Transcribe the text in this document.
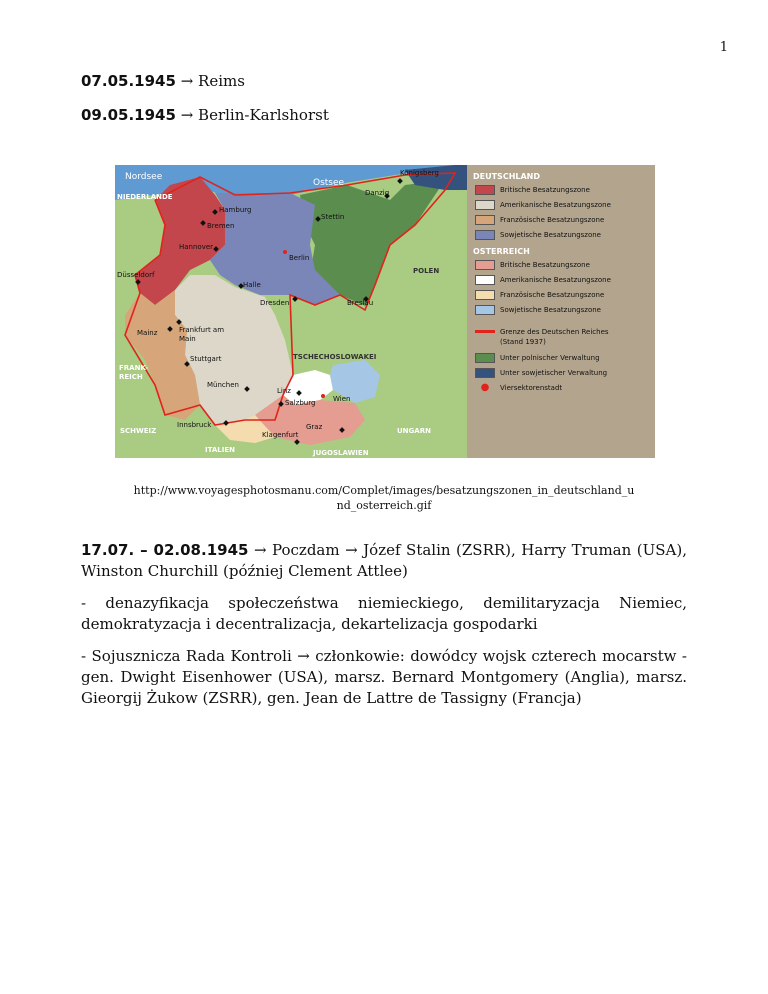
1
07.05.1945 → Reims
09.05.1945 → Berlin-Karlshorst
Nordsee
Ostsee
NIEDERLANDE
Königsberg
Danzig
Hamburg
Bremen
Stettin
Hannover
Berlin
Düsseldorf
Halle
Dresden	Breslau
POLEN
Mainz	Frankfurt am
Main
Stuttgart	TSCHECHOSLOWAKEI
FRANK-
REICH
München
Linz
Salzburg	Wien
Innsbruck	Graz
Klagenfurt
SCHWEIZ	UNGARN
ITALIEN	JUGOSLAWIEN
DEUTSCHLAND
Britische Besatzungszone
Amerikanische Besatzungszone
Französische Besatzungszone
Sowjetische Besatzungszone
OSTERREICH
Britische Besatzungszone
Amerikanische Besatzungszone
Französische Besatzungszone
Sowjetische Besatzungszone
Grenze des Deutschen Reiches
(Stand 1937)
Unter polnischer Verwaltung
Unter sowjetischer Verwaltung
●	Viersektorenstadt
http://www.voyagesphotosmanu.com/Complet/images/besatzungszonen_in_deutschland_u
nd_osterreich.gif
17.07. – 02.08.1945 → Poczdam → Józef Stalin (ZSRR), Harry Truman (USA), Winston Churchill (później Clement Attlee)
- denazyfikacja społeczeństwa niemieckiego, demilitaryzacja Niemiec, demokratyzacja i decentralizacja, dekartelizacja gospodarki
- Sojusznicza Rada Kontroli → członkowie: dowódcy wojsk czterech mocarstw - gen. Dwight Eisenhower (USA), marsz. Bernard Montgomery (Anglia), marsz. Gieorgij Żukow (ZSRR), gen. Jean de Lattre de Tassigny (Francja)
